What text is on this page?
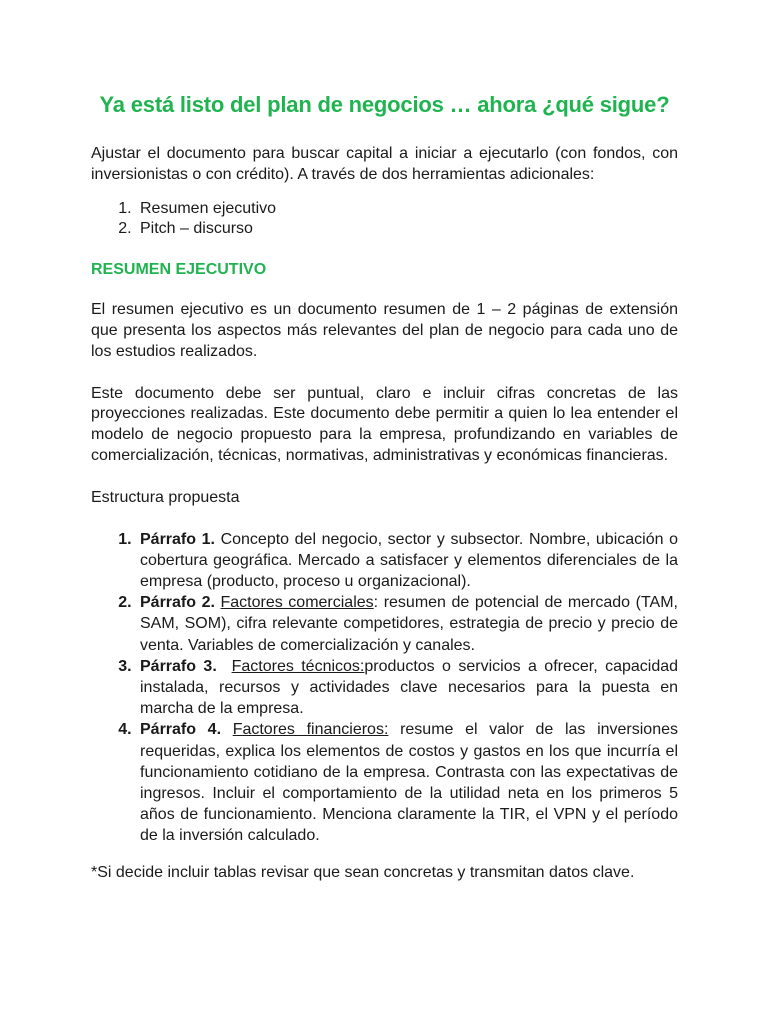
Ya está listo del plan de negocios … ahora ¿qué sigue?

Ajustar el documento para buscar capital a iniciar a ejecutarlo (con fondos, con inversionistas o con crédito). A través de dos herramientas adicionales:

1. Resumen ejecutivo
2. Pitch – discurso
RESUMEN EJECUTIVO

El resumen ejecutivo es un documento resumen de 1 – 2 páginas de extensión que presenta los aspectos más relevantes del plan de negocio para cada uno de los estudios realizados.

Este documento debe ser puntual, claro e incluir cifras concretas de las proyecciones realizadas. Este documento debe permitir a quien lo lea entender el modelo de negocio propuesto para la empresa, profundizando en variables de comercialización, técnicas, normativas, administrativas y económicas financieras.

Estructura propuesta

1. Párrafo 1. Concepto del negocio, sector y subsector. Nombre, ubicación o cobertura geográfica. Mercado a satisfacer y elementos diferenciales de la empresa (producto, proceso u organizacional).
2. Párrafo 2. Factores comerciales: resumen de potencial de mercado (TAM, SAM, SOM), cifra relevante competidores, estrategia de precio y precio de venta. Variables de comercialización y canales.
3. Párrafo 3. Factores técnicos:productos o servicios a ofrecer, capacidad instalada, recursos y actividades clave necesarios para la puesta en marcha de la empresa.
4. Párrafo 4. Factores financieros: resume el valor de las inversiones requeridas, explica los elementos de costos y gastos en los que incurría el funcionamiento cotidiano de la empresa. Contrasta con las expectativas de ingresos. Incluir el comportamiento de la utilidad neta en los primeros 5 años de funcionamiento. Menciona claramente la TIR, el VPN y el período de la inversión calculado.

*Si decide incluir tablas revisar que sean concretas y transmitan datos clave.
